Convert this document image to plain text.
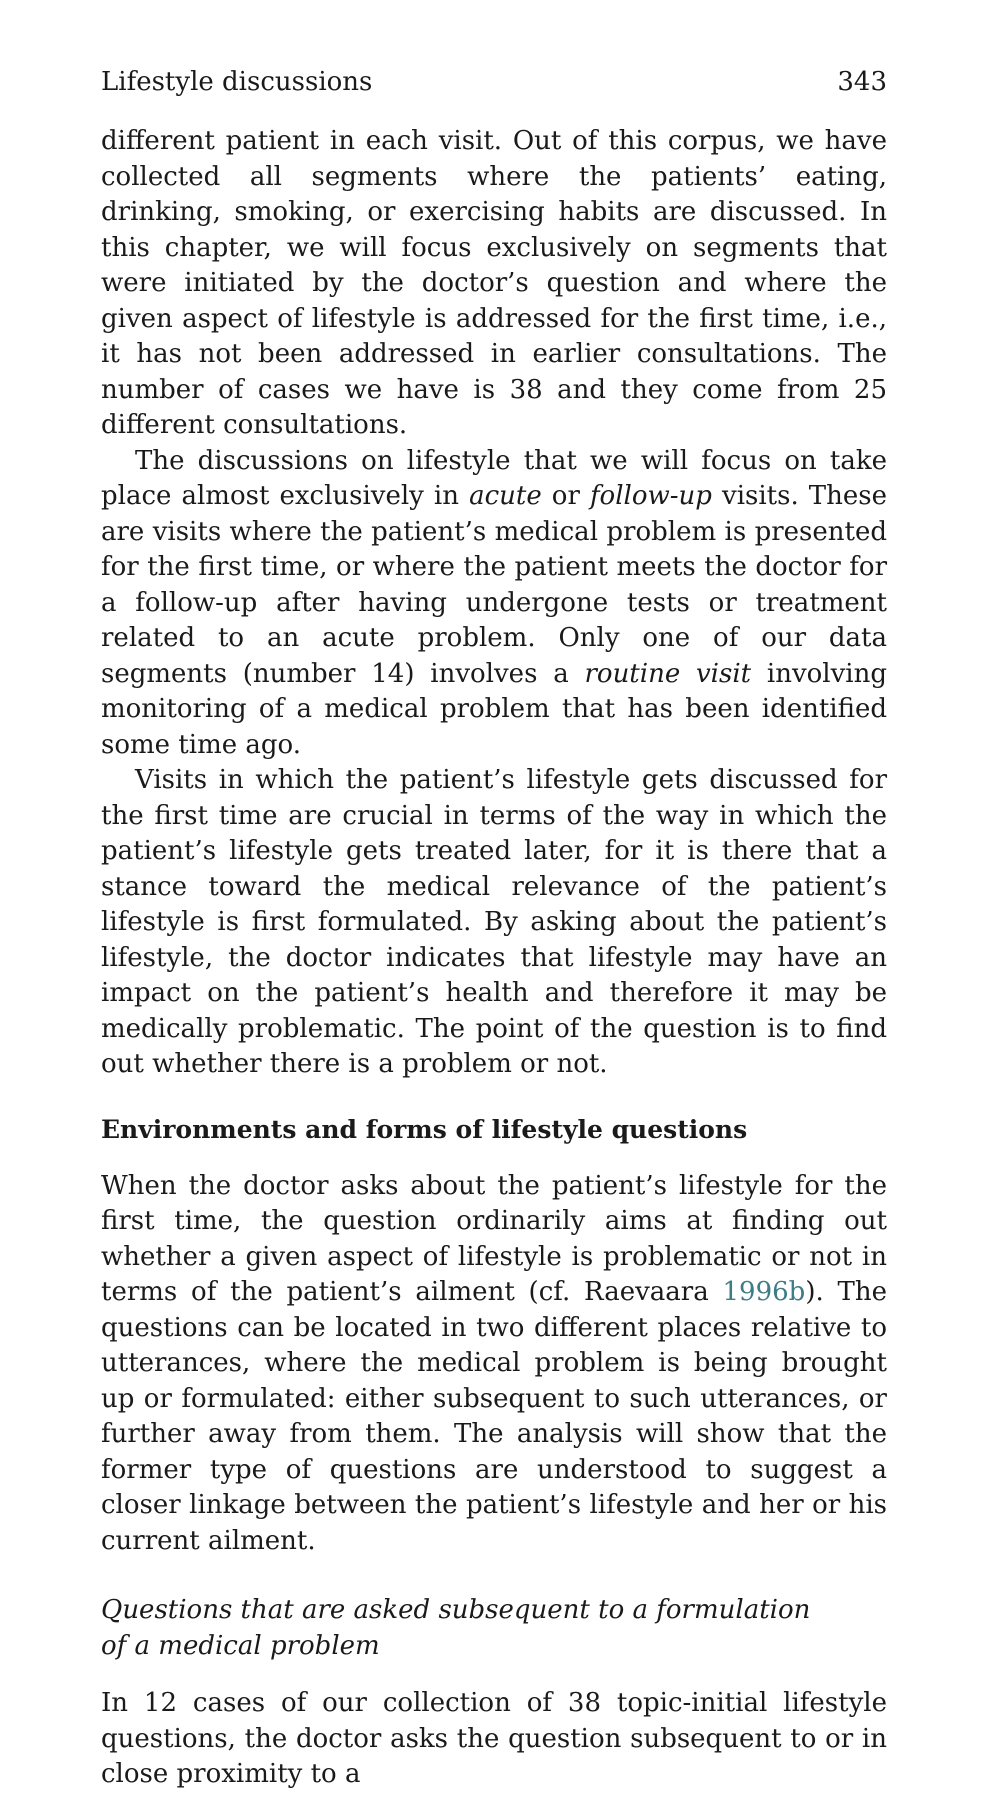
Lifestyle discussions	343

different patient in each visit. Out of this corpus, we have collected all segments where the patients’ eating, drinking, smoking, or exercising habits are discussed. In this chapter, we will focus exclusively on segments that were initiated by the doctor’s question and where the given aspect of lifestyle is addressed for the first time, i.e., it has not been addressed in earlier consultations. The number of cases we have is 38 and they come from 25 different consultations.

The discussions on lifestyle that we will focus on take place almost exclusively in acute or follow-up visits. These are visits where the patient’s medical problem is presented for the first time, or where the patient meets the doctor for a follow-up after having undergone tests or treatment related to an acute problem. Only one of our data segments (number 14) involves a routine visit involving monitoring of a medical problem that has been identified some time ago.

Visits in which the patient’s lifestyle gets discussed for the first time are crucial in terms of the way in which the patient’s lifestyle gets treated later, for it is there that a stance toward the medical relevance of the patient’s lifestyle is first formulated. By asking about the patient’s lifestyle, the doctor indicates that lifestyle may have an impact on the patient’s health and therefore it may be medically problematic. The point of the question is to find out whether there is a problem or not.

Environments and forms of lifestyle questions

When the doctor asks about the patient’s lifestyle for the first time, the question ordinarily aims at finding out whether a given aspect of lifestyle is problematic or not in terms of the patient’s ailment (cf. Raevaara 1996b). The questions can be located in two different places relative to utterances, where the medical problem is being brought up or formulated: either subsequent to such utterances, or further away from them. The analysis will show that the former type of questions are understood to suggest a closer linkage between the patient’s lifestyle and her or his current ailment.

Questions that are asked subsequent to a formulation
of a medical problem

In 12 cases of our collection of 38 topic-initial lifestyle questions, the doctor asks the question subsequent to or in close proximity to a
